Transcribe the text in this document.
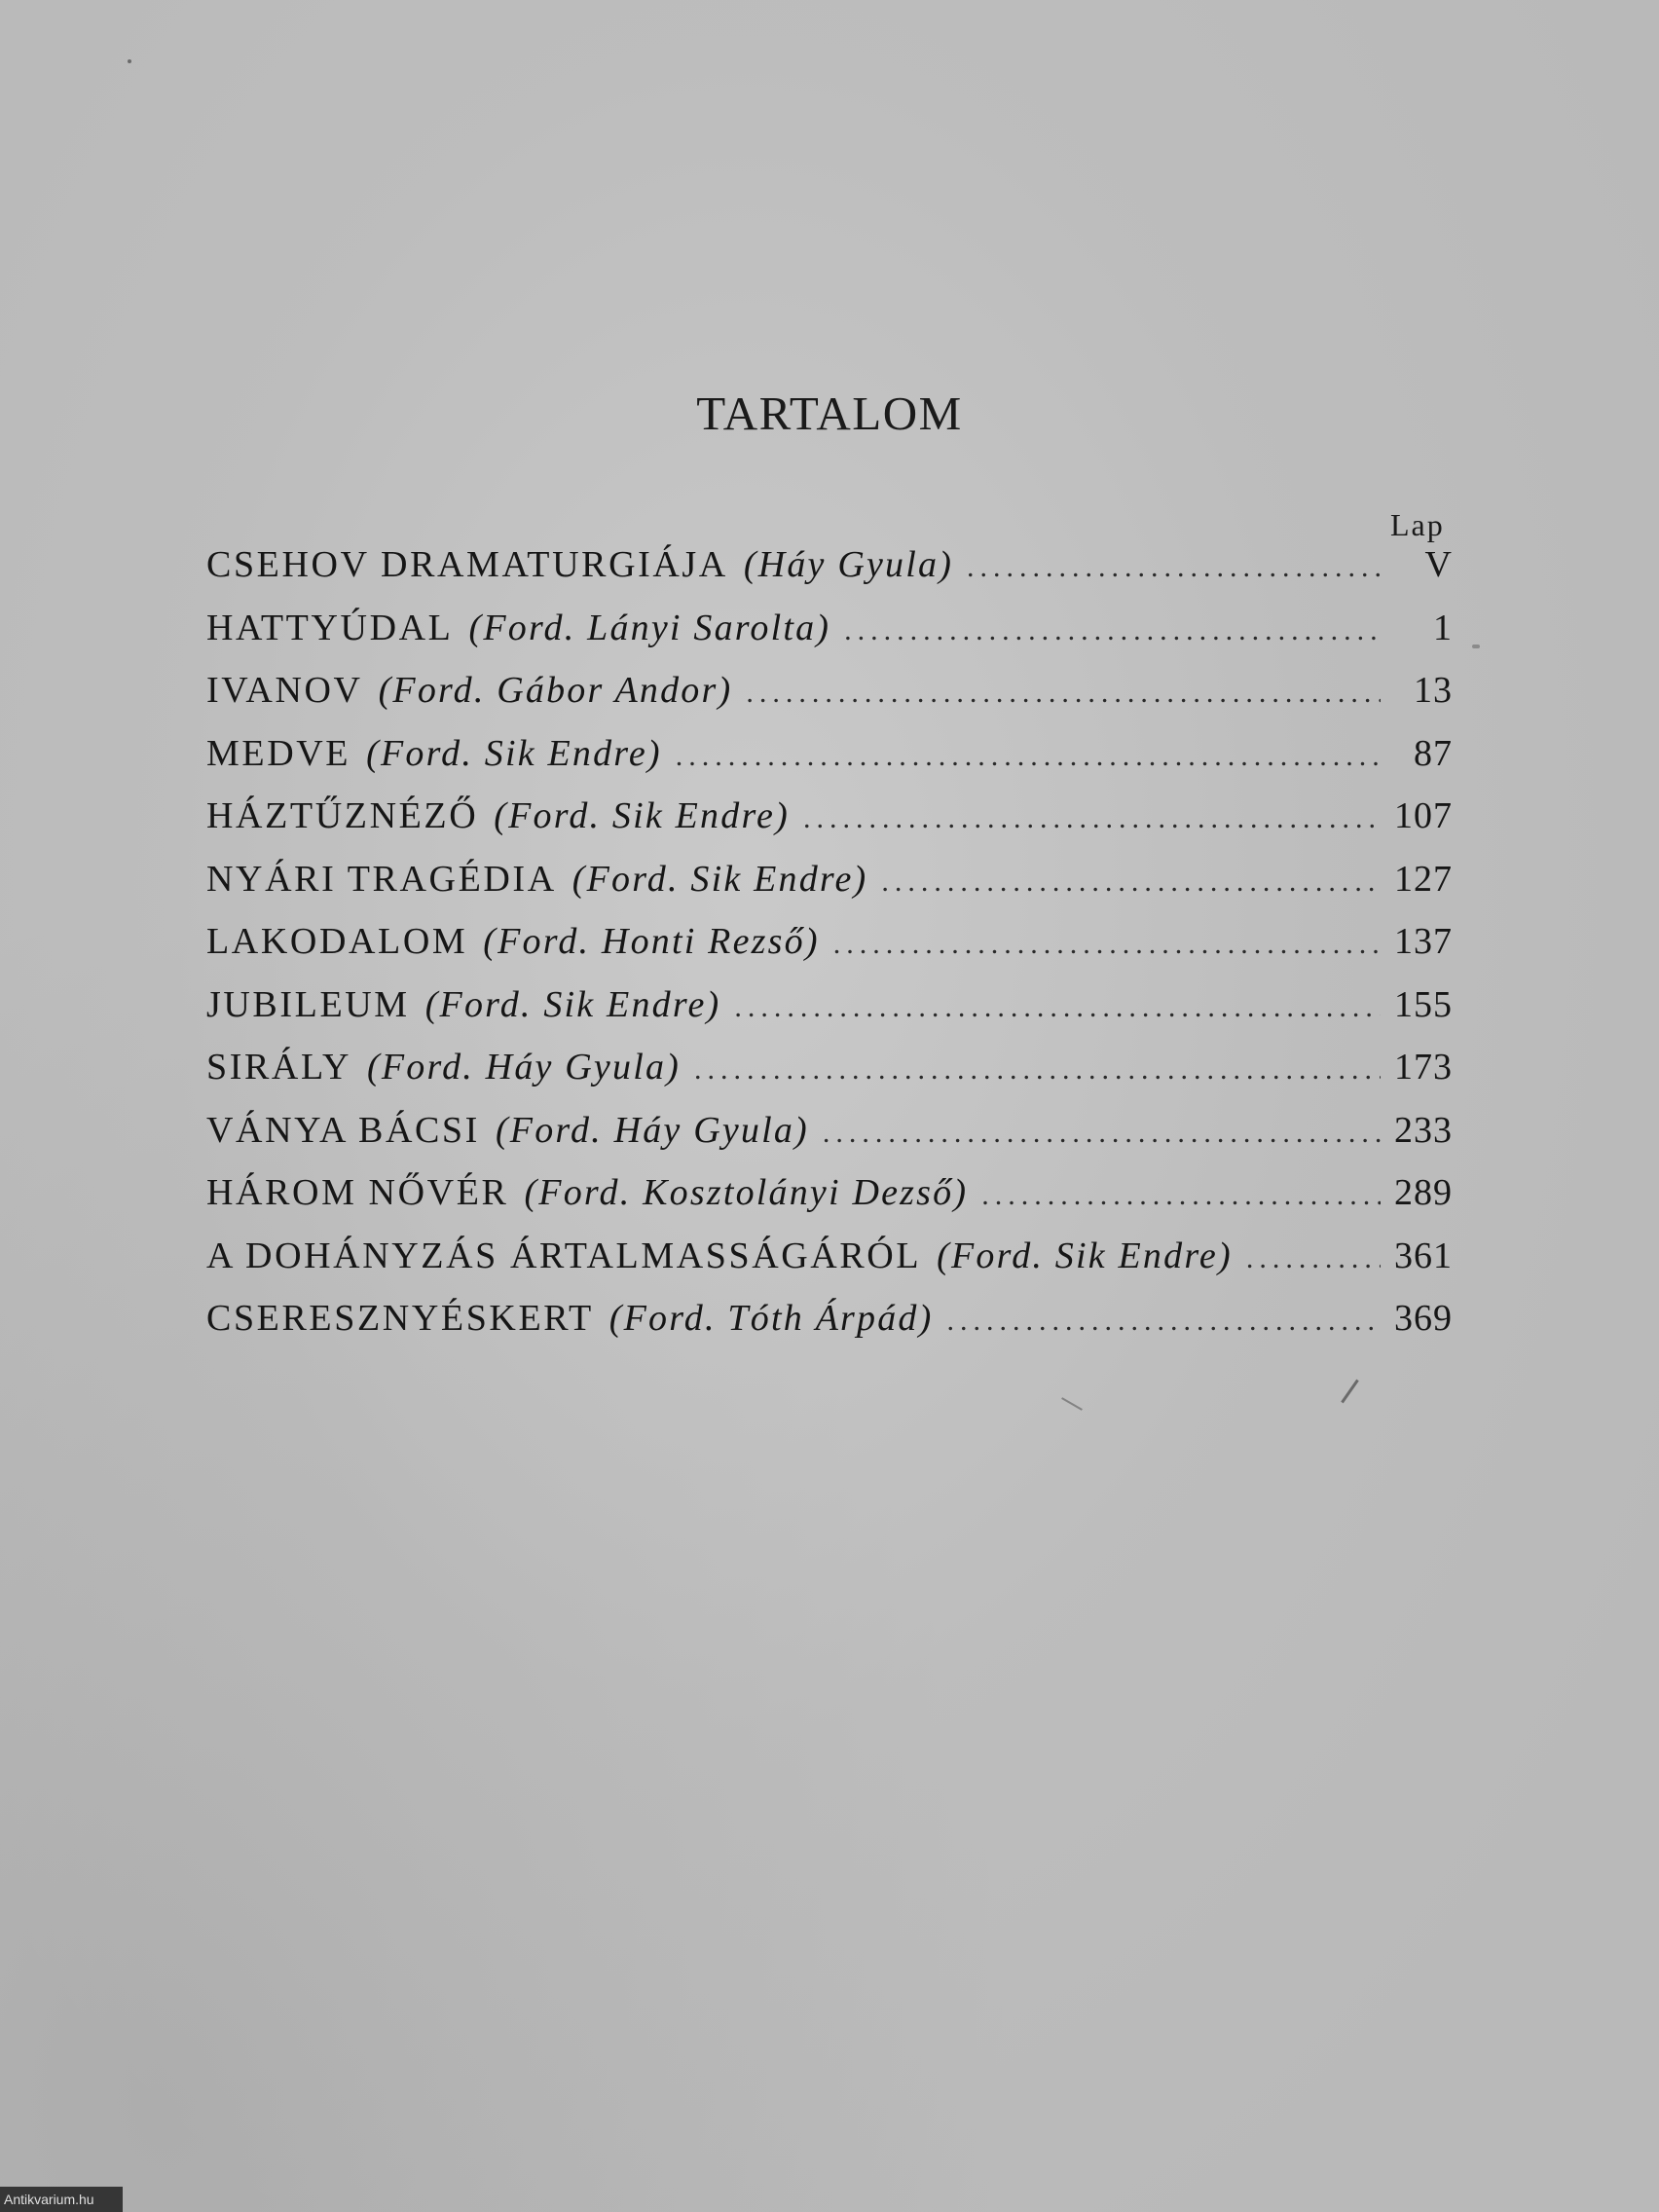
TARTALOM
Lap
CSEHOV DRAMATURGIÁJA (Háy Gyula) .....	V
HATTYÚDAL (Ford. Lányi Sarolta) .....	1
IVANOV (Ford. Gábor Andor) .....	13
MEDVE (Ford. Sik Endre) .....	87
HÁZTŰZNÉZŐ (Ford. Sik Endre) .....	107
NYÁRI TRAGÉDIA (Ford. Sik Endre) .....	127
LAKODALOM (Ford. Honti Rezső) .....	137
JUBILEUM (Ford. Sik Endre) .....	155
SIRÁLY (Ford. Háy Gyula) .....	173
VÁNYA BÁCSI (Ford. Háy Gyula) .....	233
HÁROM NŐVÉR (Ford. Kosztolányi Dezső) .....	289
A DOHÁNYZÁS ÁRTALMASSÁGÁRÓL (Ford. Sik Endre) .....	361
CSERESZNYÉSKERT (Ford. Tóth Árpád) .....	369
Antikvarium.hu
